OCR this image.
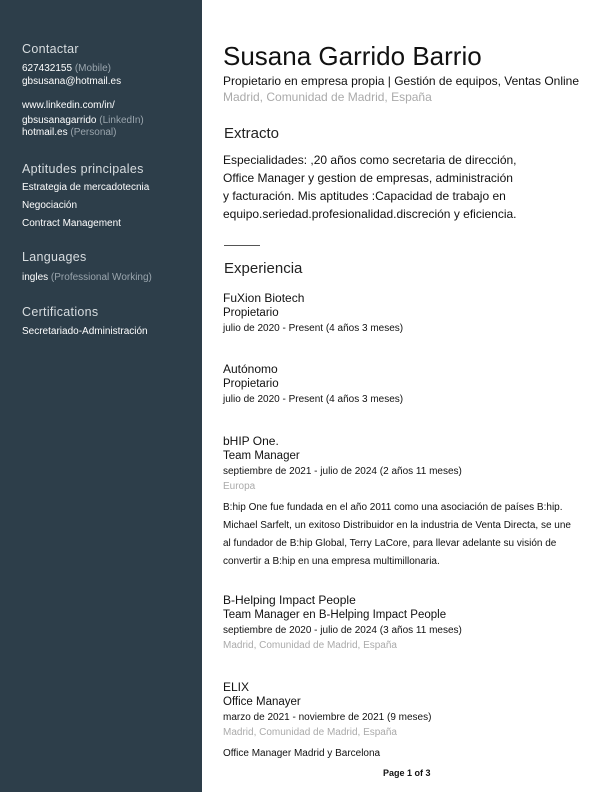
Contactar
627432155 (Mobile)
gbsusana@hotmail.es
www.linkedin.com/in/
gbsusanagarrido (LinkedIn)
hotmail.es (Personal)
Aptitudes principales
Estrategia de mercadotecnia
Negociación
Contract Management
Languages
ingles (Professional Working)
Certifications
Secretariado-Administración
Susana Garrido Barrio
Propietario en empresa propia | Gestión de equipos, Ventas Online
Madrid, Comunidad de Madrid, España
Extracto
Especialidades: ,20 años como secretaria de dirección,
Office Manager y gestion de empresas, administración
y facturación. Mis aptitudes :Capacidad de trabajo en
equipo.seriedad.profesionalidad.discreción y eficiencia.
Experiencia
FuXion Biotech
Propietario
julio de 2020 - Present (4 años 3 meses)
Autónomo
Propietario
julio de 2020 - Present (4 años 3 meses)
bHIP One.
Team Manager
septiembre de 2021 - julio de 2024 (2 años 11 meses)
Europa
B:hip One fue fundada en el año 2011 como una asociación de países B:hip.
Michael Sarfelt, un exitoso Distribuidor en la industria de Venta Directa, se une
al fundador de B:hip Global, Terry LaCore, para llevar adelante su visión de
convertir a B:hip en una empresa multimillonaria.
B-Helping Impact People
Team Manager en B-Helping Impact People
septiembre de 2020 - julio de 2024 (3 años 11 meses)
Madrid, Comunidad de Madrid, España
ELIX
Office Manayer
marzo de 2021 - noviembre de 2021 (9 meses)
Madrid, Comunidad de Madrid, España
Office Manager Madrid y Barcelona
Page 1 of 3
